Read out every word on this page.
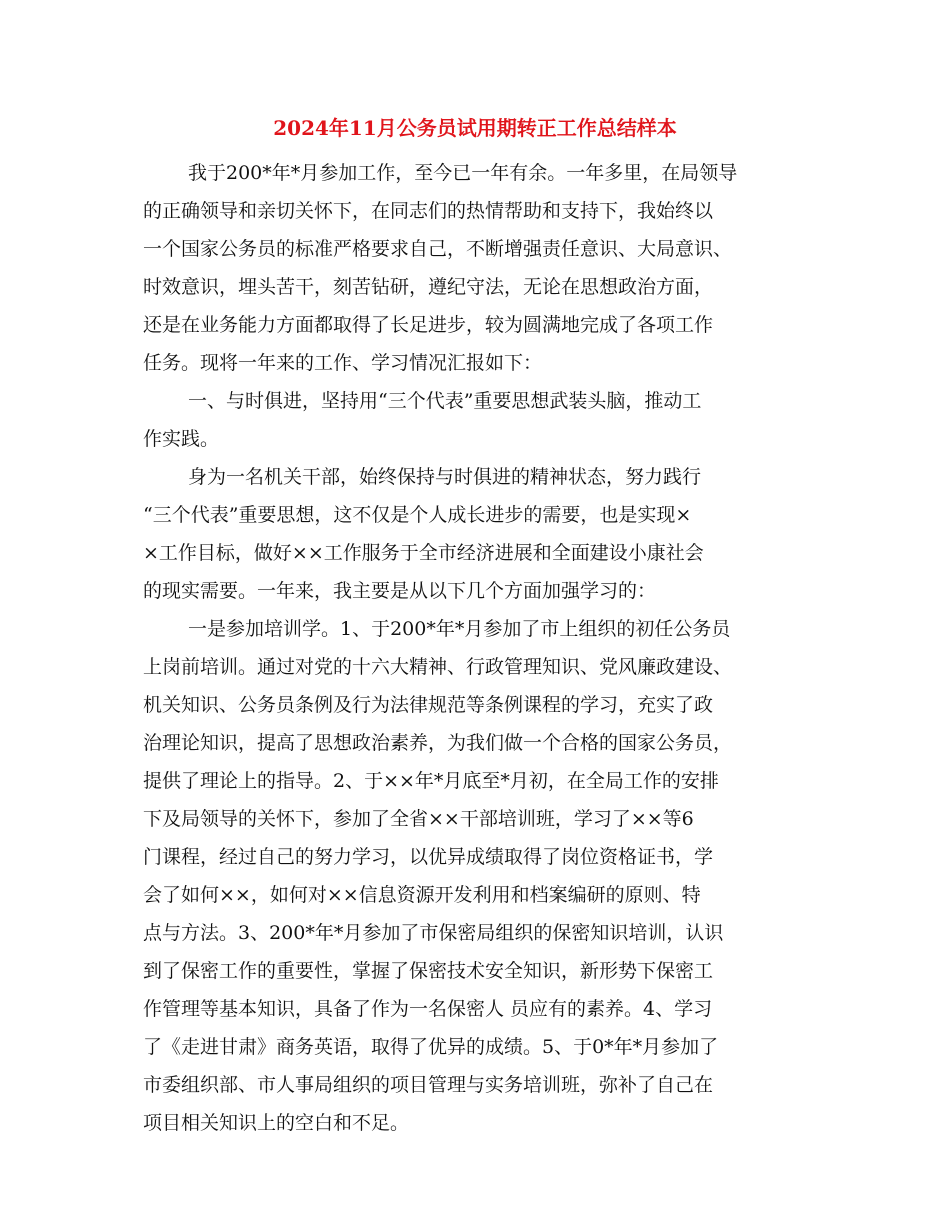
2024年11月公务员试用期转正工作总结样本

我于200*年*月参加工作，至今已一年有余。一年多里，在局领导

的正确领导和亲切关怀下，在同志们的热情帮助和支持下，我始终以

一个国家公务员的标准严格要求自己，不断增强责任意识、大局意识、

时效意识，埋头苦干，刻苦钻研，遵纪守法，无论在思想政治方面，

还是在业务能力方面都取得了长足进步，较为圆满地完成了各项工作

任务。现将一年来的工作、学习情况汇报如下：

一、与时俱进，坚持用“三个代表”重要思想武装头脑，推动工

作实践。

身为一名机关干部，始终保持与时俱进的精神状态，努力践行

“三个代表”重要思想，这不仅是个人成长进步的需要，也是实现×

×工作目标，做好××工作服务于全市经济进展和全面建设小康社会

的现实需要。一年来，我主要是从以下几个方面加强学习的：

一是参加培训学。1、于200*年*月参加了市上组织的初任公务员

上岗前培训。通过对党的十六大精神、行政管理知识、党风廉政建设、

机关知识、公务员条例及行为法律规范等条例课程的学习，充实了政

治理论知识，提高了思想政治素养，为我们做一个合格的国家公务员，

提供了理论上的指导。2、于××年*月底至*月初，在全局工作的安排

下及局领导的关怀下，参加了全省××干部培训班，学习了××等6

门课程，经过自己的努力学习，以优异成绩取得了岗位资格证书，学

会了如何××，如何对××信息资源开发利用和档案编研的原则、特

点与方法。3、200*年*月参加了市保密局组织的保密知识培训，认识

到了保密工作的重要性，掌握了保密技术安全知识，新形势下保密工

作管理等基本知识，具备了作为一名保密人 员应有的素养。4、学习

了《走进甘肃》商务英语，取得了优异的成绩。5、于0*年*月参加了

市委组织部、市人事局组织的项目管理与实务培训班，弥补了自己在

项目相关知识上的空白和不足。
